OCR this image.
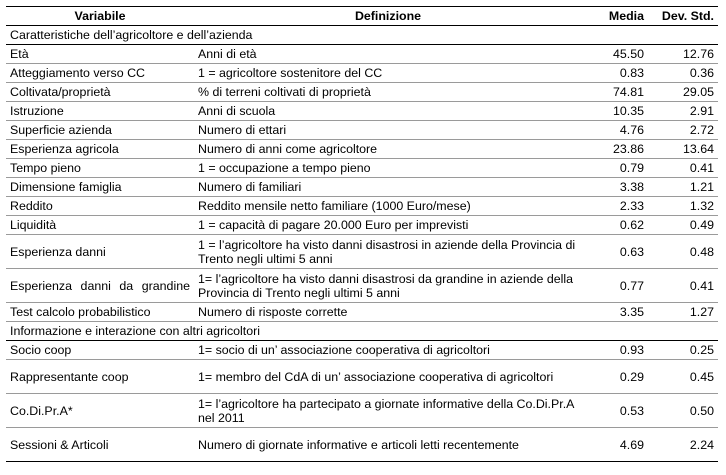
Variabile	Definizione	Media	Dev. Std.
Caratteristiche dell’agricoltore e dell’azienda			
Età	Anni di età	45.50	12.76
Atteggiamento verso CC	1 = agricoltore sostenitore del CC	0.83	0.36
Coltivata/proprietà	% di terreni coltivati di proprietà	74.81	29.05
Istruzione	Anni di scuola	10.35	2.91
Superficie azienda	Numero di ettari	4.76	2.72
Esperienza agricola	Numero di anni come agricoltore	23.86	13.64
Tempo pieno	1 = occupazione a tempo pieno	0.79	0.41
Dimensione famiglia	Numero di familiari	3.38	1.21
Reddito	Reddito mensile netto familiare (1000 Euro/mese)	2.33	1.32
Liquidità	1 = capacità di pagare 20.000 Euro per imprevisti	0.62	0.49
Esperienza danni	1 = l’agricoltore ha visto danni disastrosi in aziende della Provincia di Trento negli ultimi 5 anni	0.63	0.48
Esperienza danni da grandine	1= l’agricoltore ha visto danni disastrosi da grandine in aziende della Provincia di Trento negli ultimi 5 anni	0.77	0.41
Test calcolo probabilistico	Numero di risposte corrette	3.35	1.27
Informazione e interazione con altri agricoltori			
Socio coop	1= socio di un’ associazione cooperativa di agricoltori	0.93	0.25
Rappresentante coop	1= membro del CdA di un’ associazione cooperativa di agricoltori	0.29	0.45
Co.Di.Pr.A*	1= l’agricoltore ha partecipato a giornate informative della Co.Di.Pr.A nel 2011	0.53	0.50
Sessioni & Articoli	Numero di giornate informative e articoli letti recentemente	4.69	2.24
